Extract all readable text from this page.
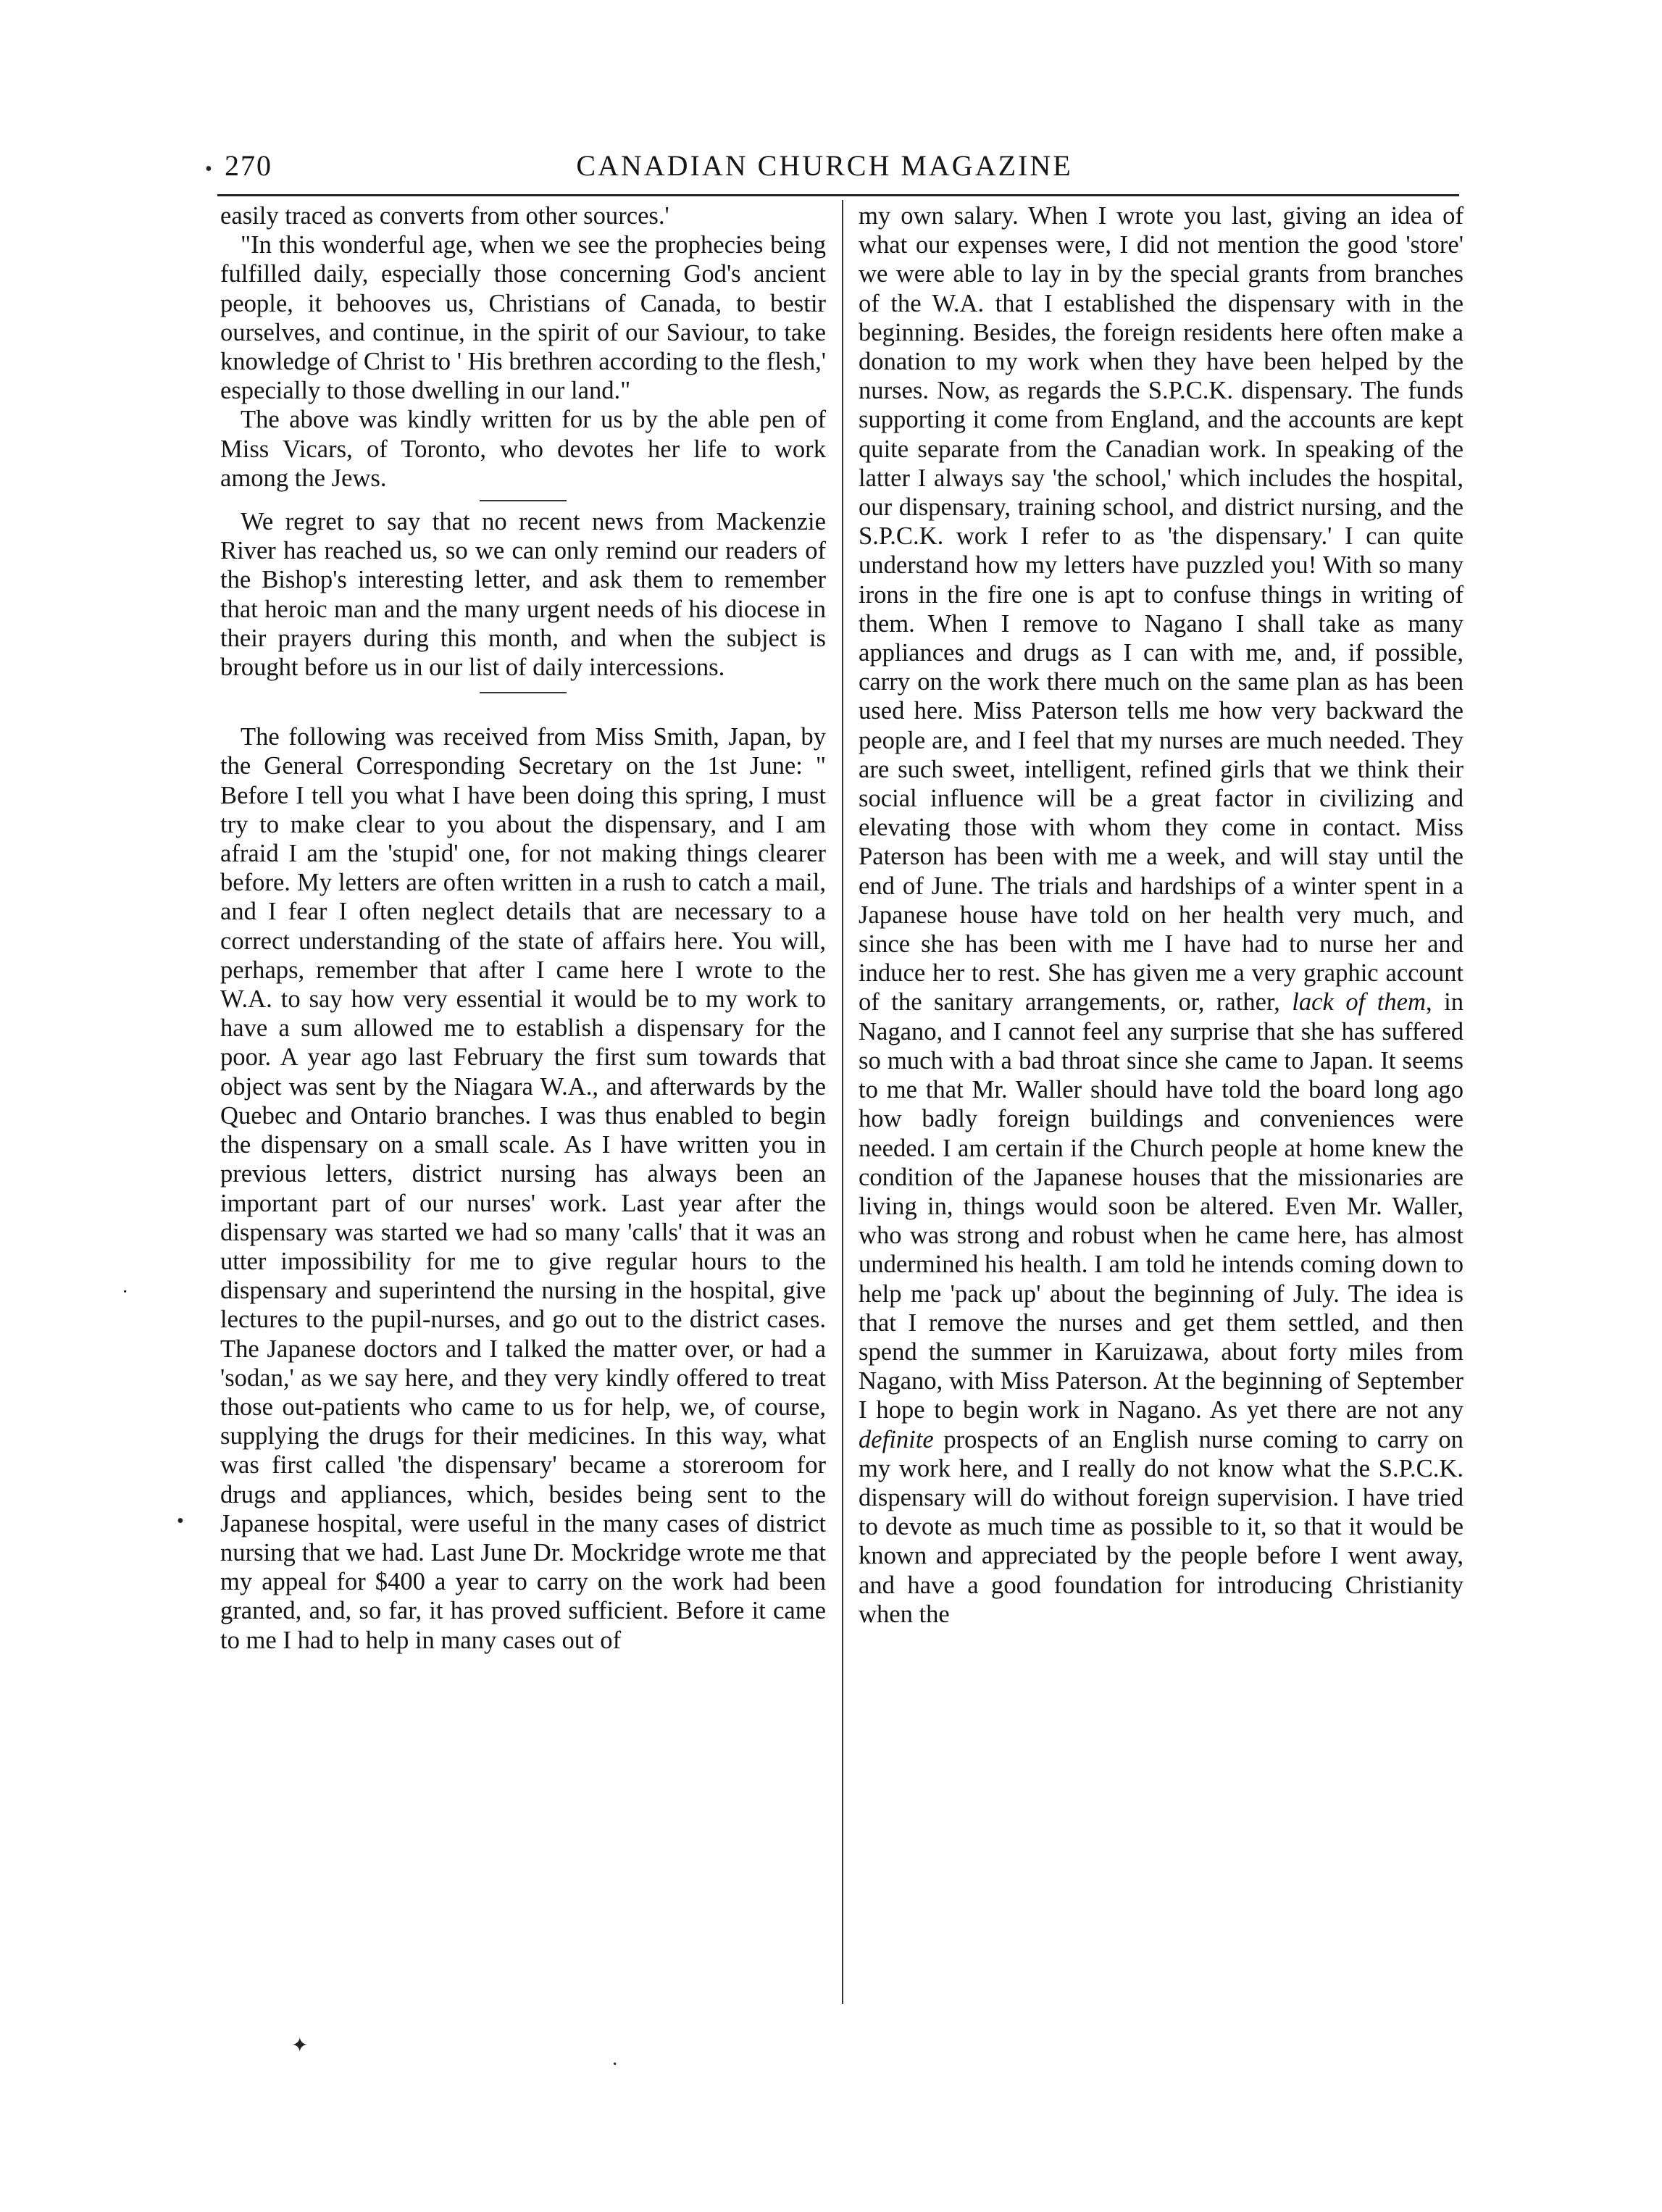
270	CANADIAN CHURCH MAGAZINE

easily traced as converts from other sources.'

"In this wonderful age, when we see the prophecies being fulfilled daily, especially those concerning God's ancient people, it behooves us, Christians of Canada, to bestir ourselves, and continue, in the spirit of our Saviour, to take knowledge of Christ to ' His brethren according to the flesh,' especially to those dwelling in our land."

The above was kindly written for us by the able pen of Miss Vicars, of Toronto, who devotes her life to work among the Jews.

We regret to say that no recent news from Mackenzie River has reached us, so we can only remind our readers of the Bishop's interesting letter, and ask them to remember that heroic man and the many urgent needs of his diocese in their prayers during this month, and when the subject is brought before us in our list of daily intercessions.

The following was received from Miss Smith, Japan, by the General Corresponding Secretary on the 1st June: " Before I tell you what I have been doing this spring, I must try to make clear to you about the dispensary, and I am afraid I am the 'stupid' one, for not making things clearer before. My letters are often written in a rush to catch a mail, and I fear I often neglect details that are necessary to a correct understanding of the state of affairs here. You will, perhaps, remember that after I came here I wrote to the W.A. to say how very essential it would be to my work to have a sum allowed me to establish a dispensary for the poor. A year ago last February the first sum towards that object was sent by the Niagara W.A., and afterwards by the Quebec and Ontario branches. I was thus enabled to begin the dispensary on a small scale. As I have written you in previous letters, district nursing has always been an important part of our nurses' work. Last year after the dispensary was started we had so many 'calls' that it was an utter impossibility for me to give regular hours to the dispensary and superintend the nursing in the hospital, give lectures to the pupil-nurses, and go out to the district cases. The Japanese doctors and I talked the matter over, or had a 'sodan,' as we say here, and they very kindly offered to treat those out-patients who came to us for help, we, of course, supplying the drugs for their medicines. In this way, what was first called 'the dispensary' became a storeroom for drugs and appliances, which, besides being sent to the Japanese hospital, were useful in the many cases of district nursing that we had. Last June Dr. Mockridge wrote me that my appeal for $400 a year to carry on the work had been granted, and, so far, it has proved sufficient. Before it came to me I had to help in many cases out of

my own salary. When I wrote you last, giving an idea of what our expenses were, I did not mention the good 'store' we were able to lay in by the special grants from branches of the W.A. that I established the dispensary with in the beginning. Besides, the foreign residents here often make a donation to my work when they have been helped by the nurses. Now, as regards the S.P.C.K. dispensary. The funds supporting it come from England, and the accounts are kept quite separate from the Canadian work. In speaking of the latter I always say 'the school,' which includes the hospital, our dispensary, training school, and district nursing, and the S.P.C.K. work I refer to as 'the dispensary.' I can quite understand how my letters have puzzled you! With so many irons in the fire one is apt to confuse things in writing of them. When I remove to Nagano I shall take as many appliances and drugs as I can with me, and, if possible, carry on the work there much on the same plan as has been used here. Miss Paterson tells me how very backward the people are, and I feel that my nurses are much needed. They are such sweet, intelligent, refined girls that we think their social influence will be a great factor in civilizing and elevating those with whom they come in contact. Miss Paterson has been with me a week, and will stay until the end of June. The trials and hardships of a winter spent in a Japanese house have told on her health very much, and since she has been with me I have had to nurse her and induce her to rest. She has given me a very graphic account of the sanitary arrangements, or, rather, lack of them, in Nagano, and I cannot feel any surprise that she has suffered so much with a bad throat since she came to Japan. It seems to me that Mr. Waller should have told the board long ago how badly foreign buildings and conveniences were needed. I am certain if the Church people at home knew the condition of the Japanese houses that the missionaries are living in, things would soon be altered. Even Mr. Waller, who was strong and robust when he came here, has almost undermined his health. I am told he intends coming down to help me 'pack up' about the beginning of July. The idea is that I remove the nurses and get them settled, and then spend the summer in Karuizawa, about forty miles from Nagano, with Miss Paterson. At the beginning of September I hope to begin work in Nagano. As yet there are not any definite prospects of an English nurse coming to carry on my work here, and I really do not know what the S.P.C.K. dispensary will do without foreign supervision. I have tried to devote as much time as possible to it, so that it would be known and appreciated by the people before I went away, and have a good foundation for introducing Christianity when the

•
·
•
✦
·
